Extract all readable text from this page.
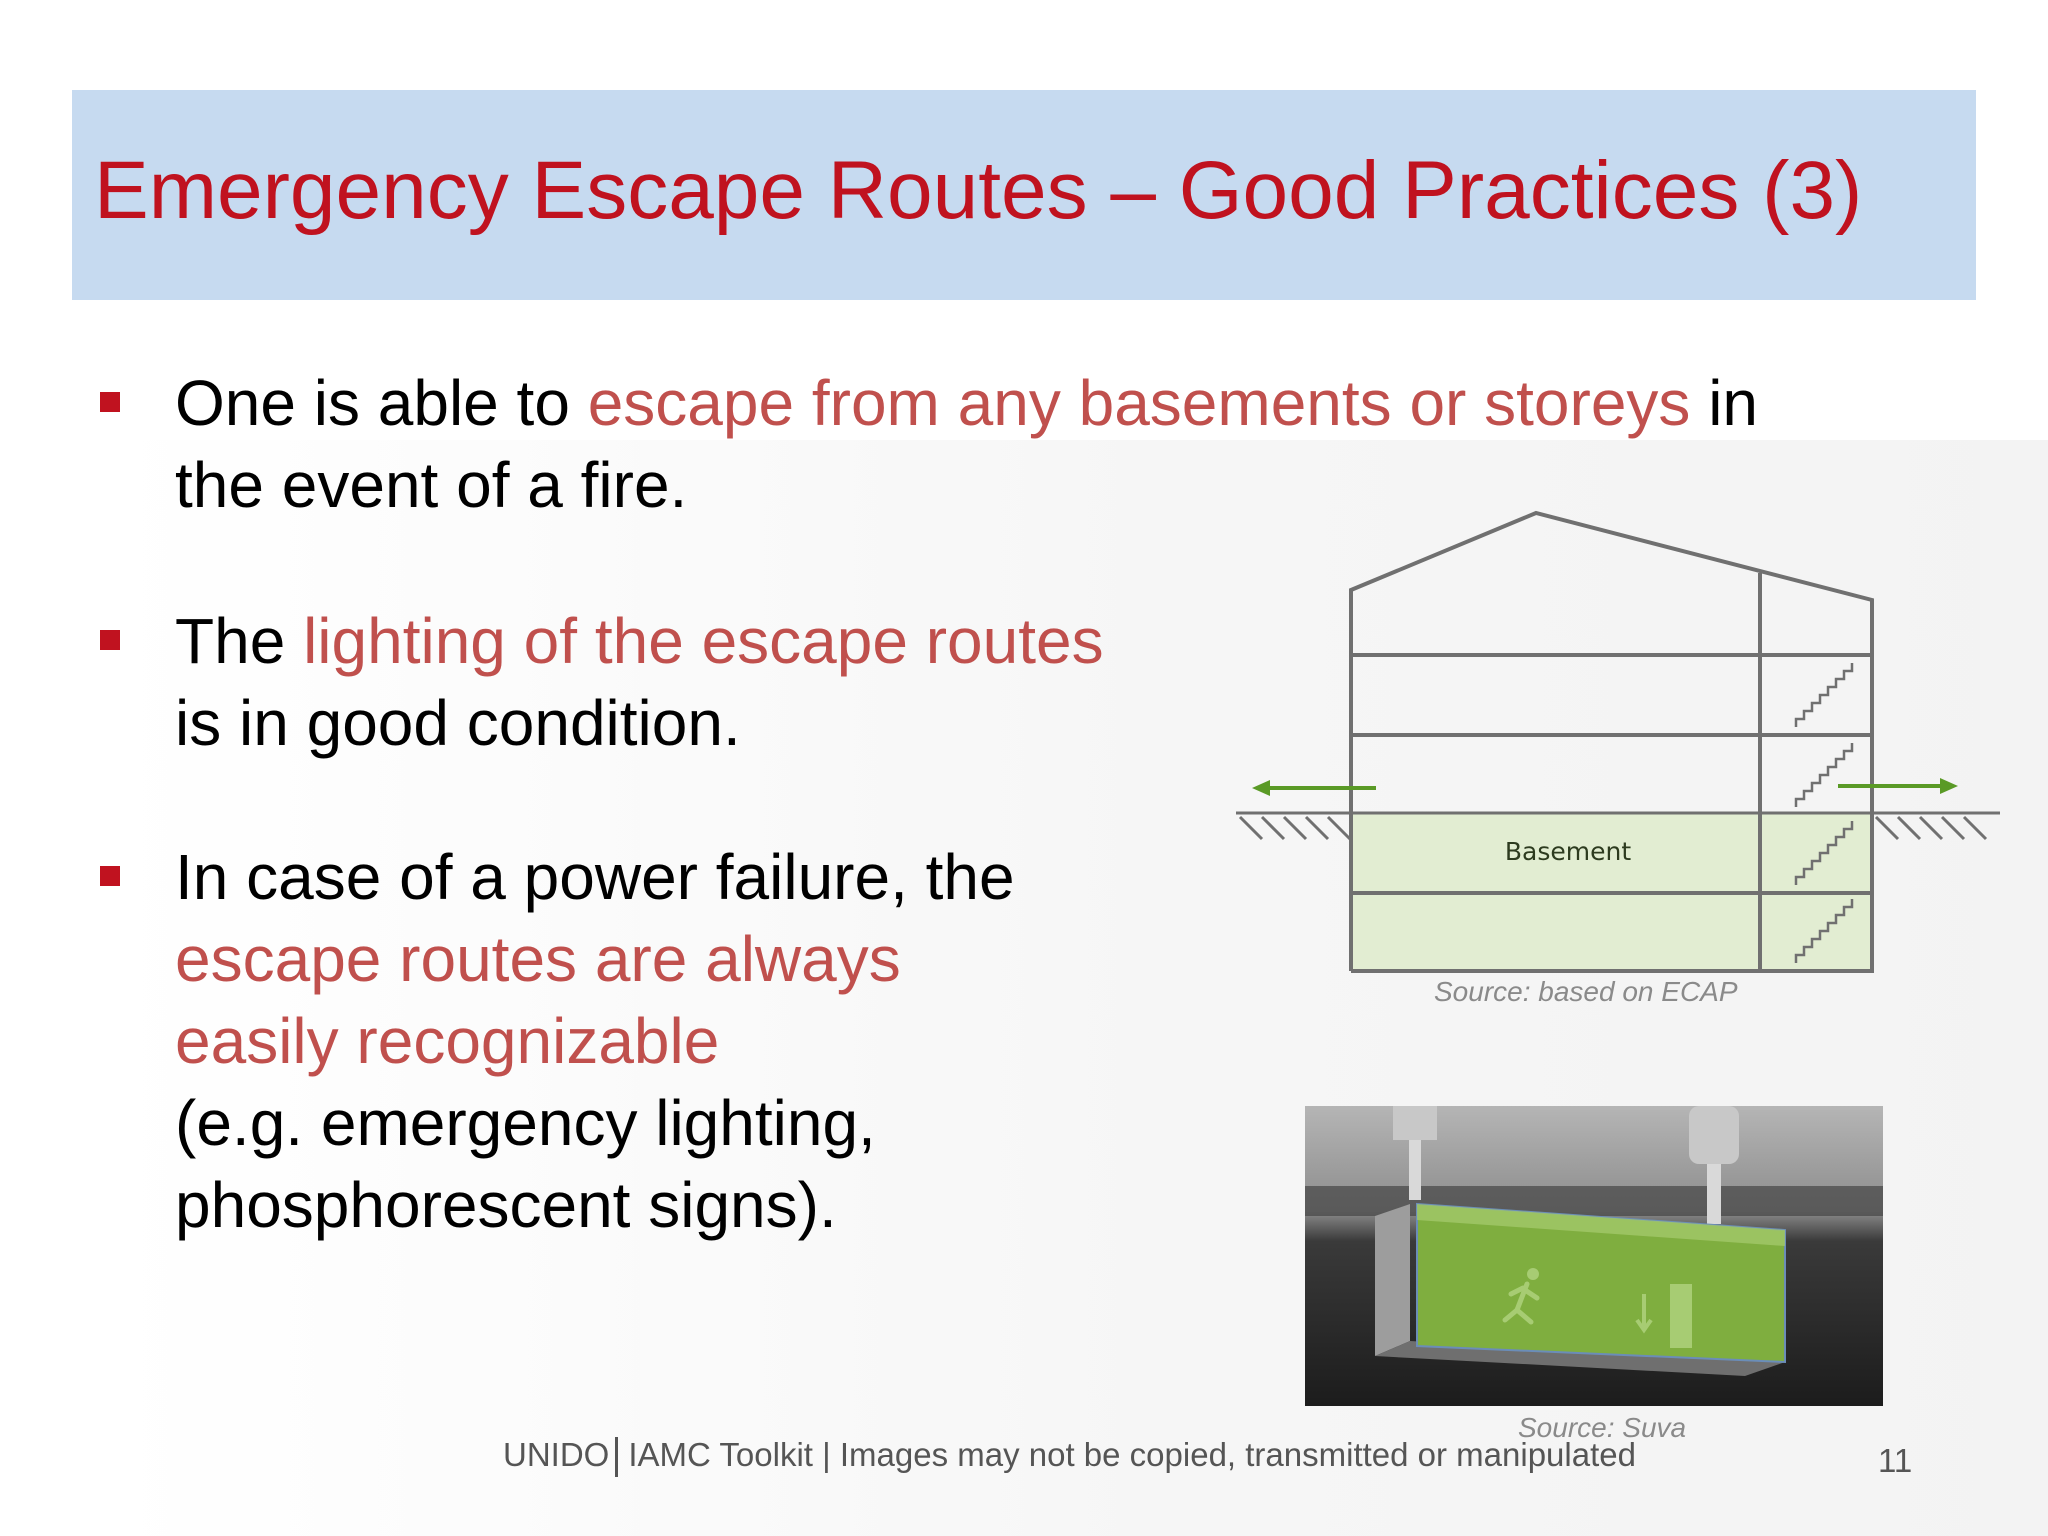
Emergency Escape Routes – Good Practices (3)
One is able to escape from any basements or storeys in
the event of a fire.
The lighting of the escape routes
is in good condition.
In case of a power failure, the
escape routes are always
easily recognizable
(e.g. emergency lighting,
phosphorescent signs).
Basement
Source: based on ECAP
Source: Suva
UNIDO IAMC Toolkit | Images may not be copied, transmitted or manipulated	11
